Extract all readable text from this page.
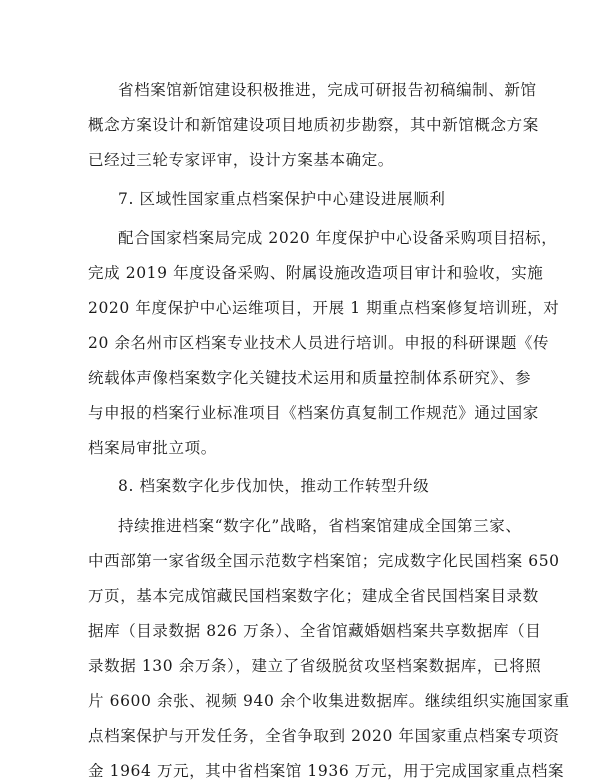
省档案馆新馆建设积极推进，完成可研报告初稿编制、新馆
概念方案设计和新馆建设项目地质初步勘察，其中新馆概念方案
已经过三轮专家评审，设计方案基本确定。
7. 区域性国家重点档案保护中心建设进展顺利
配合国家档案局完成 2020 年度保护中心设备采购项目招标，
完成 2019 年度设备采购、附属设施改造项目审计和验收，实施
2020 年度保护中心运维项目，开展 1 期重点档案修复培训班，对
20 余名州市区档案专业技术人员进行培训。申报的科研课题《传
统载体声像档案数字化关键技术运用和质量控制体系研究》、参
与申报的档案行业标准项目《档案仿真复制工作规范》通过国家
档案局审批立项。
8. 档案数字化步伐加快，推动工作转型升级
持续推进档案“数字化”战略，省档案馆建成全国第三家、
中西部第一家省级全国示范数字档案馆；完成数字化民国档案 650
万页，基本完成馆藏民国档案数字化；建成全省民国档案目录数
据库（目录数据 826 万条）、全省馆藏婚姻档案共享数据库（目
录数据 130 余万条），建立了省级脱贫攻坚档案数据库，已将照
片 6600 余张、视频 940 余个收集进数据库。继续组织实施国家重
点档案保护与开发任务，全省争取到 2020 年国家重点档案专项资
金 1964 万元，其中省档案馆 1936 万元，用于完成国家重点档案
